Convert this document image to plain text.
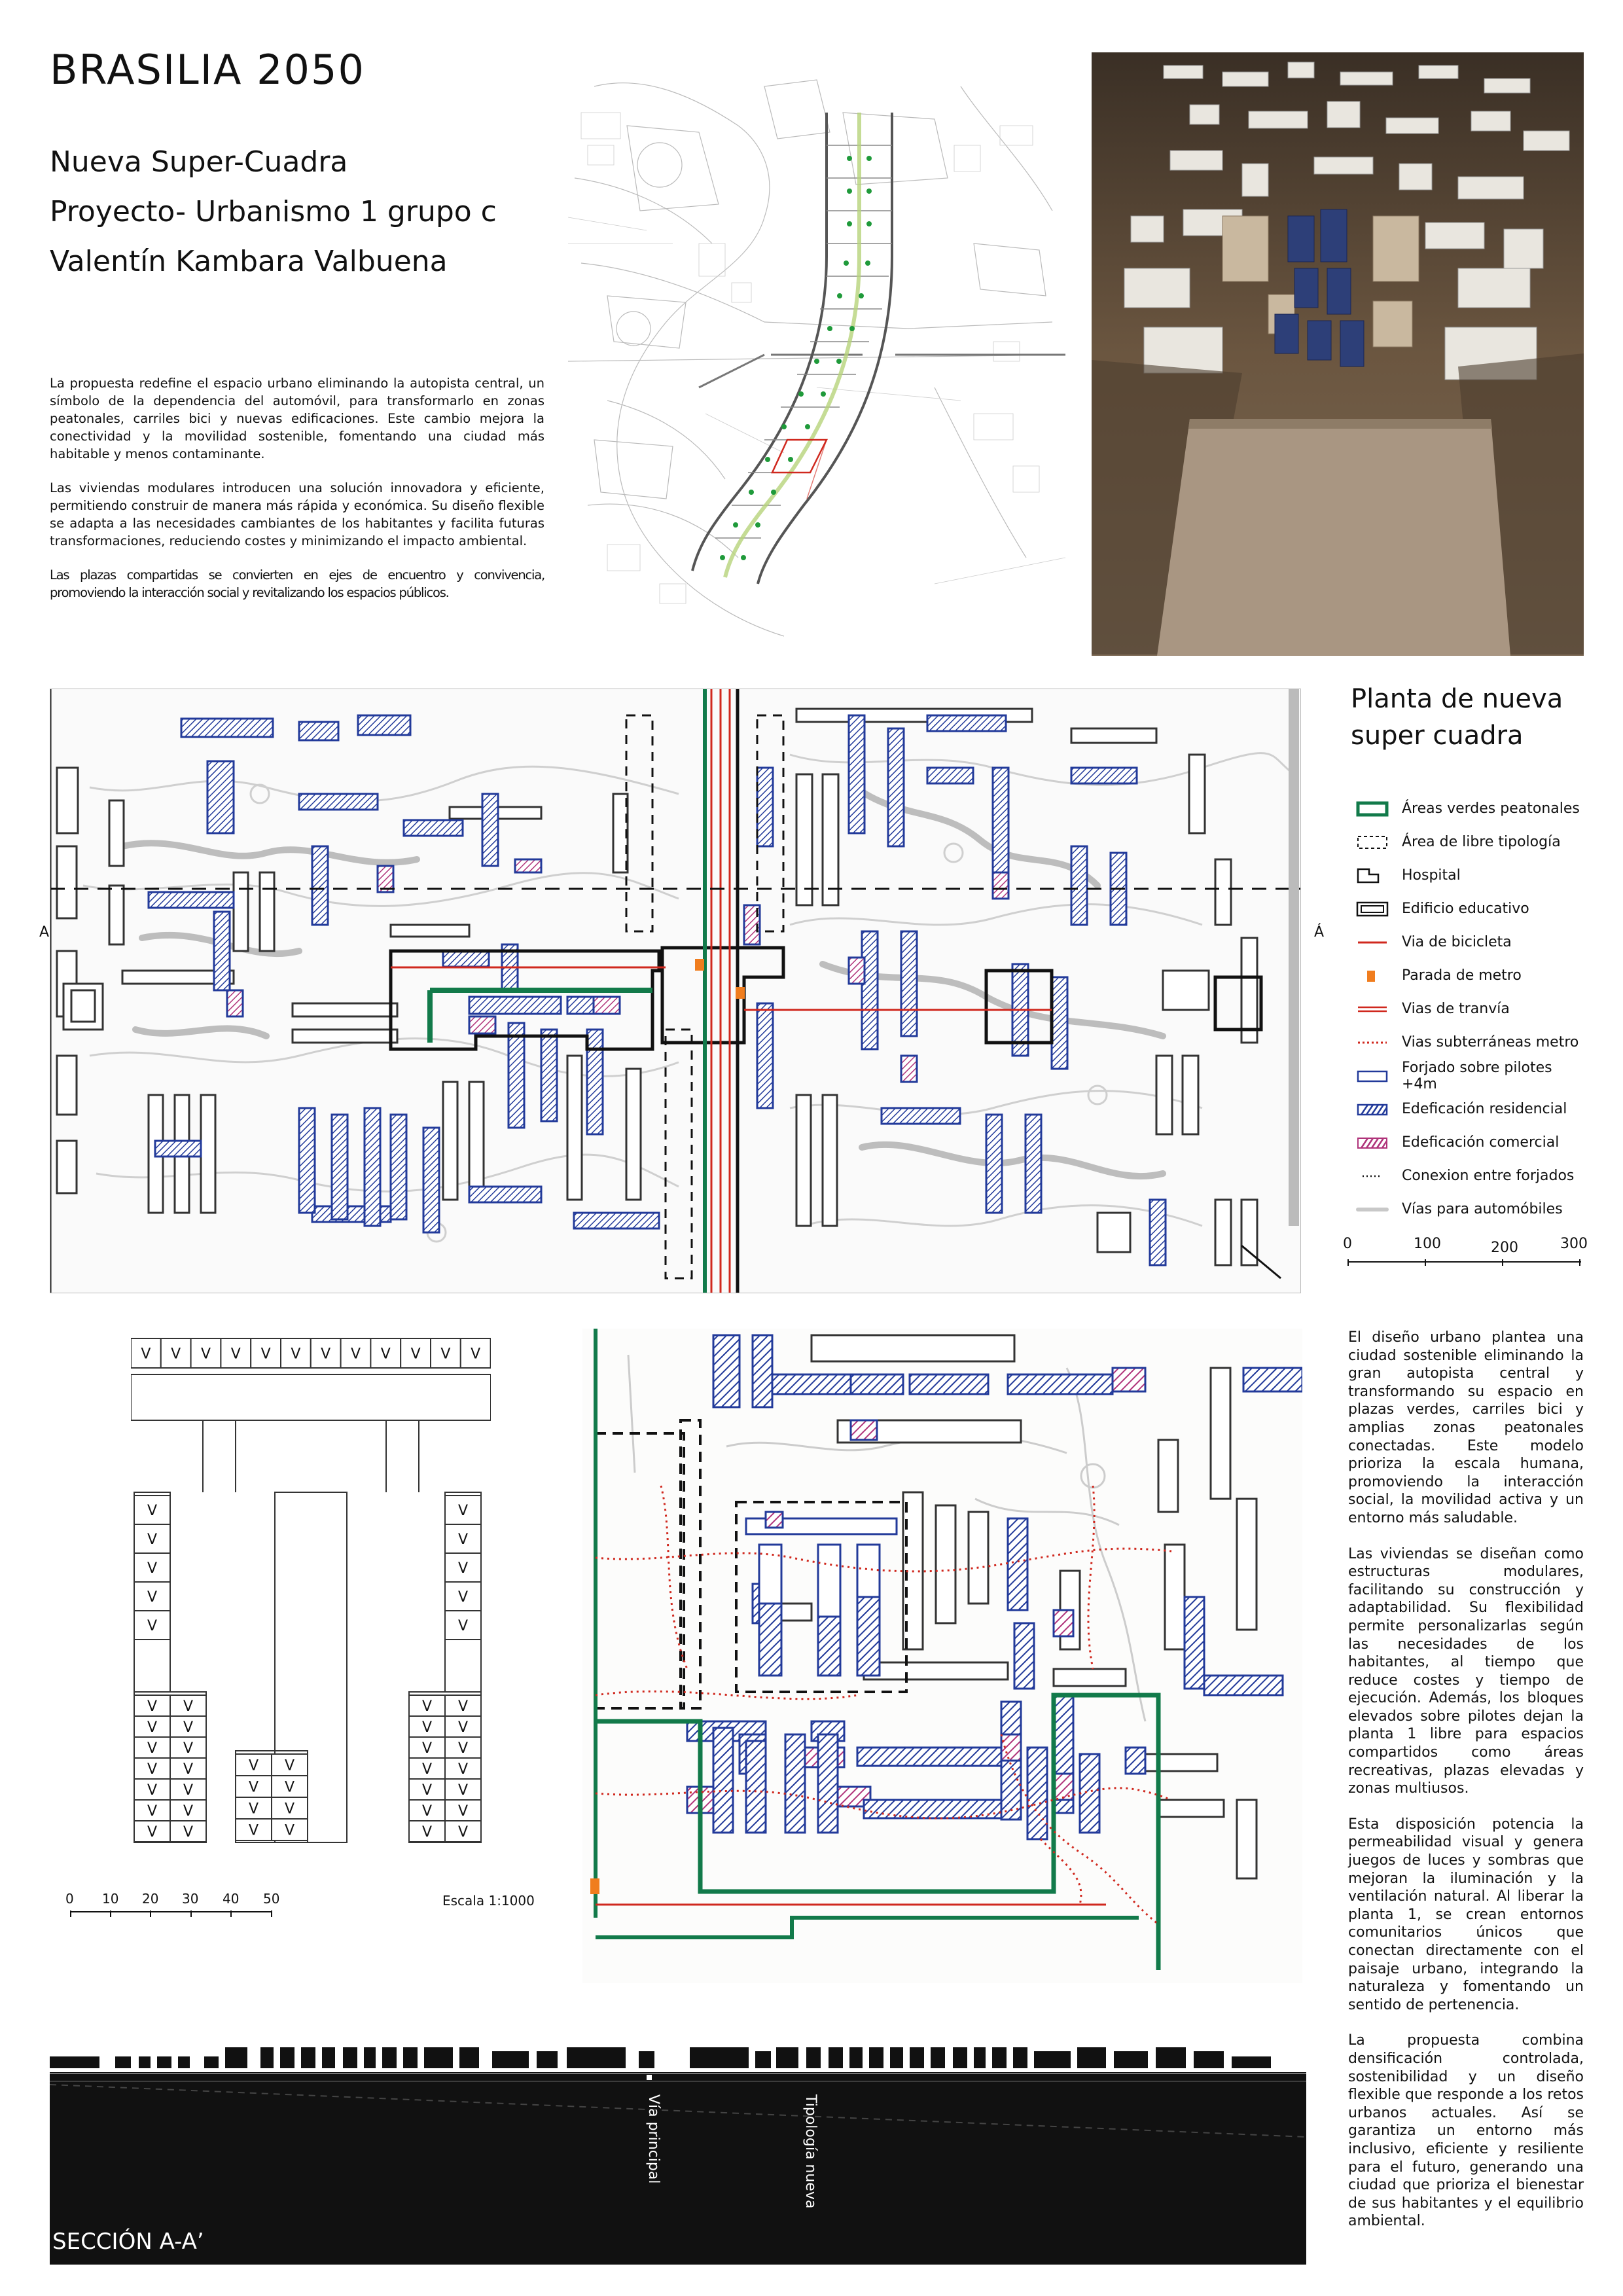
BRASILIA 2050
Nueva Super-Cuadra
Proyecto- Urbanismo 1 grupo c
Valentín Kambara Valbuena

La propuesta redefine el espacio urbano eliminando la autopista central, un símbolo de la dependencia del automóvil, para transformarlo en zonas peatonales, carriles bici y nuevas edificaciones. Este cambio mejora la conectividad y la movilidad sostenible, fomentando una ciudad más habitable y menos contaminante.

Las viviendas modulares introducen una solución innovadora y eficiente, permitiendo construir de manera más rápida y económica. Su diseño flexible se adapta a las necesidades cambiantes de los habitantes y facilita futuras transformaciones, reduciendo costes y minimizando el impacto ambiental.

Las plazas compartidas se convierten en ejes de encuentro y convivencia, promoviendo la interacción social y revitalizando los espacios públicos.

A	Á
Planta de nueva
super cuadra
Áreas verdes peatonales
Área de libre tipología
Hospital
Edificio educativo
Via de bicicleta
Parada de metro
Vias de tranvía
Vias subterráneas metro
Forjado sobre pilotes +4m
Edeficación residencial
Edeficación comercial
Conexion entre forjados
Vías para automóbiles
0	100	200	300
V V V V V V V V V V V V
V	V
V	V
V	V
V	V
V	V
V V	V V
V V	V V
V V	V V
V V	V V
V V	V V
V V	V V
V V	V V
V V
V V
V V
V V
0 10 20 30 40 50	Escala 1:1000

El diseño urbano plantea una ciudad sostenible eliminando la gran autopista central y transformando su espacio en plazas verdes, carriles bici y amplias zonas peatonales conectadas. Este modelo prioriza la escala humana, promoviendo la interacción social, la movilidad activa y un entorno más saludable.

Las viviendas se diseñan como estructuras modulares, facilitando su construcción y adaptabilidad. Su flexibilidad permite personalizarlas según las necesidades de los habitantes, al tiempo que reduce costes y tiempo de ejecución. Además, los bloques elevados sobre pilotes dejan la planta 1 libre para espacios compartidos como áreas recreativas, plazas elevadas y zonas multiusos.

Esta disposición potencia la permeabilidad visual y genera juegos de luces y sombras que mejoran la iluminación y la ventilación natural. Al liberar la planta 1, se crean entornos comunitarios únicos que conectan directamente con el paisaje urbano, integrando la naturaleza y fomentando un sentido de pertenencia.

La propuesta combina densificación controlada, sostenibilidad y un diseño flexible que responde a los retos urbanos actuales. Así se garantiza un entorno más inclusivo, eficiente y resiliente para el futuro, generando una ciudad que prioriza el bienestar de sus habitantes y el equilibrio ambiental.

Vía principal	Tipología nueva
SECCIÓN A-A’
